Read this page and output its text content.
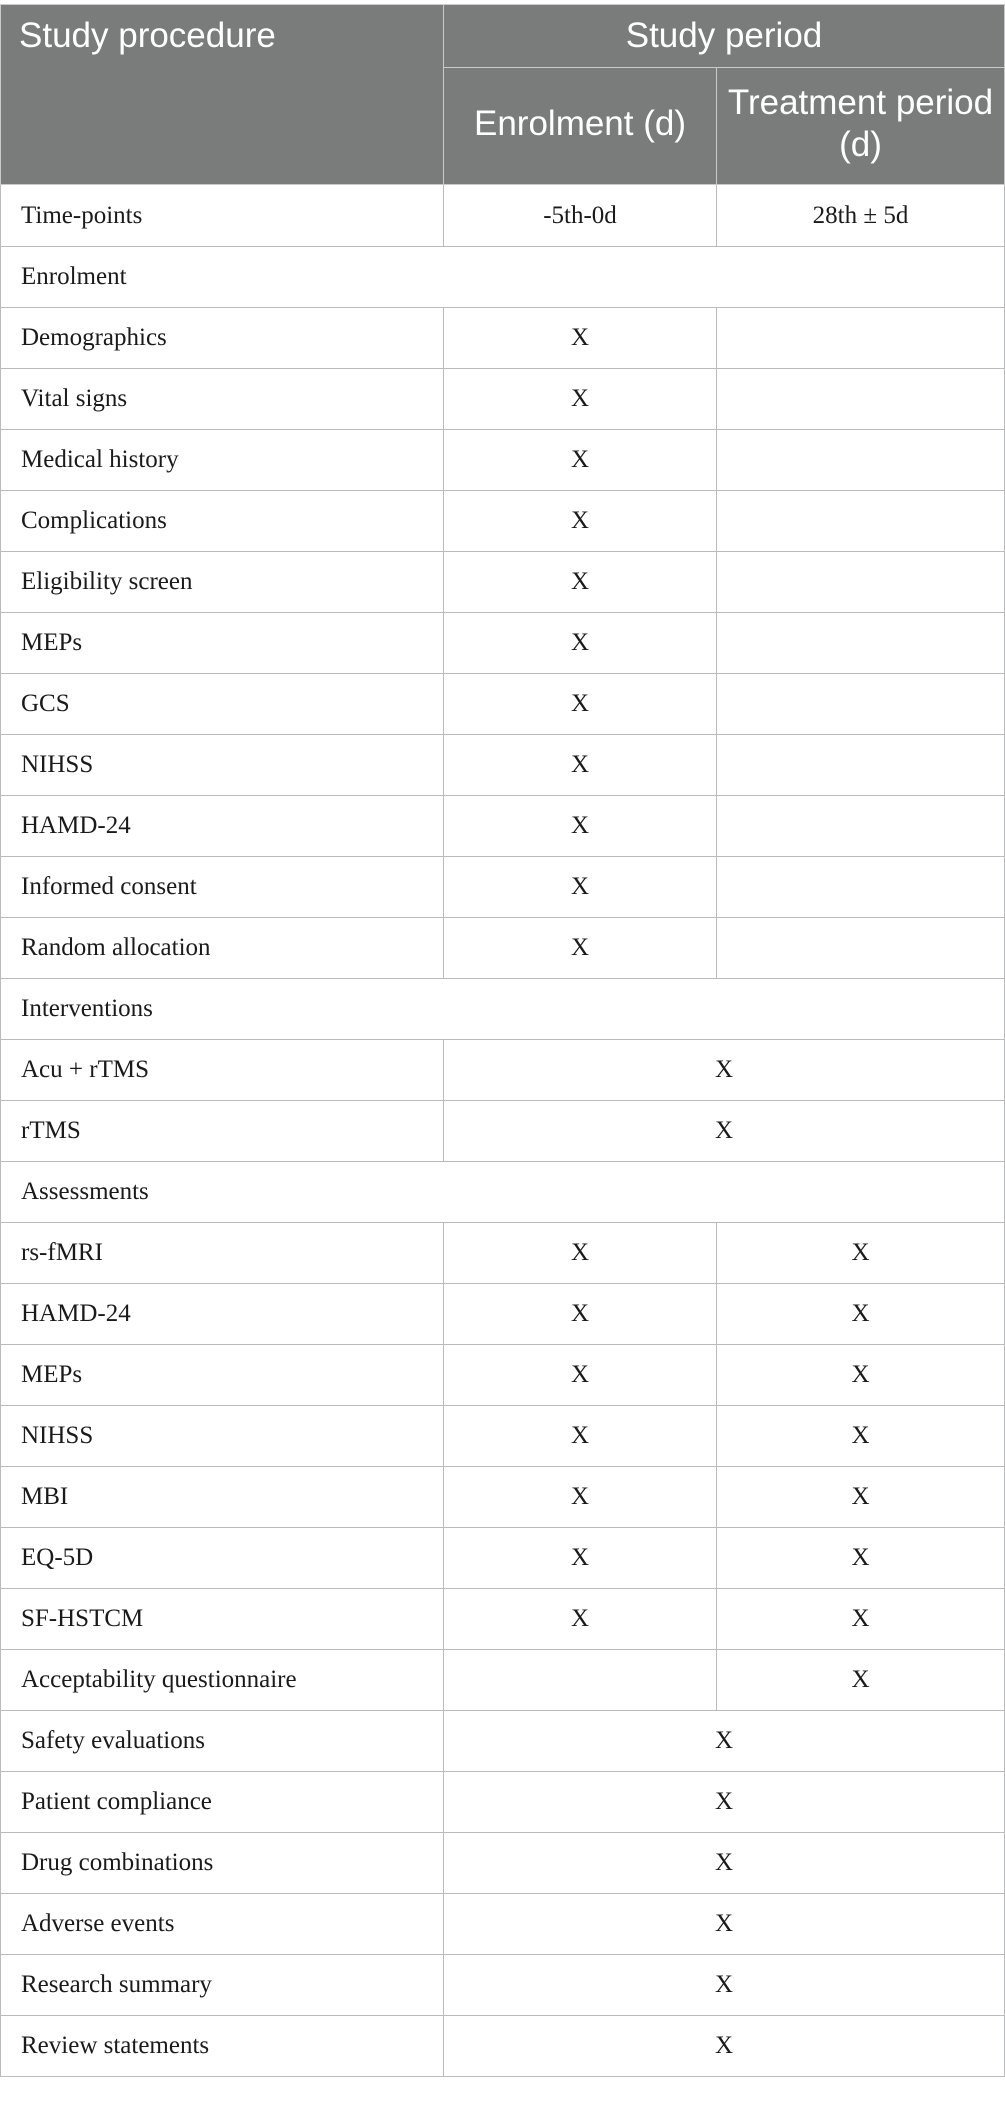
Study procedure	Study period	
	Enrolment (d)	Treatment period (d)
Time-points	-5th-0d	28th ± 5d
Enrolment		
Demographics	X	
Vital signs	X	
Medical history	X	
Complications	X	
Eligibility screen	X	
MEPs	X	
GCS	X	
NIHSS	X	
HAMD-24	X	
Informed consent	X	
Random allocation	X	
Interventions		
Acu + rTMS	X	
rTMS	X	
Assessments		
rs-fMRI	X	X
HAMD-24	X	X
MEPs	X	X
NIHSS	X	X
MBI	X	X
EQ-5D	X	X
SF-HSTCM	X	X
Acceptability questionnaire		X
Safety evaluations	X	
Patient compliance	X	
Drug combinations	X	
Adverse events	X	
Research summary	X	
Review statements	X	
